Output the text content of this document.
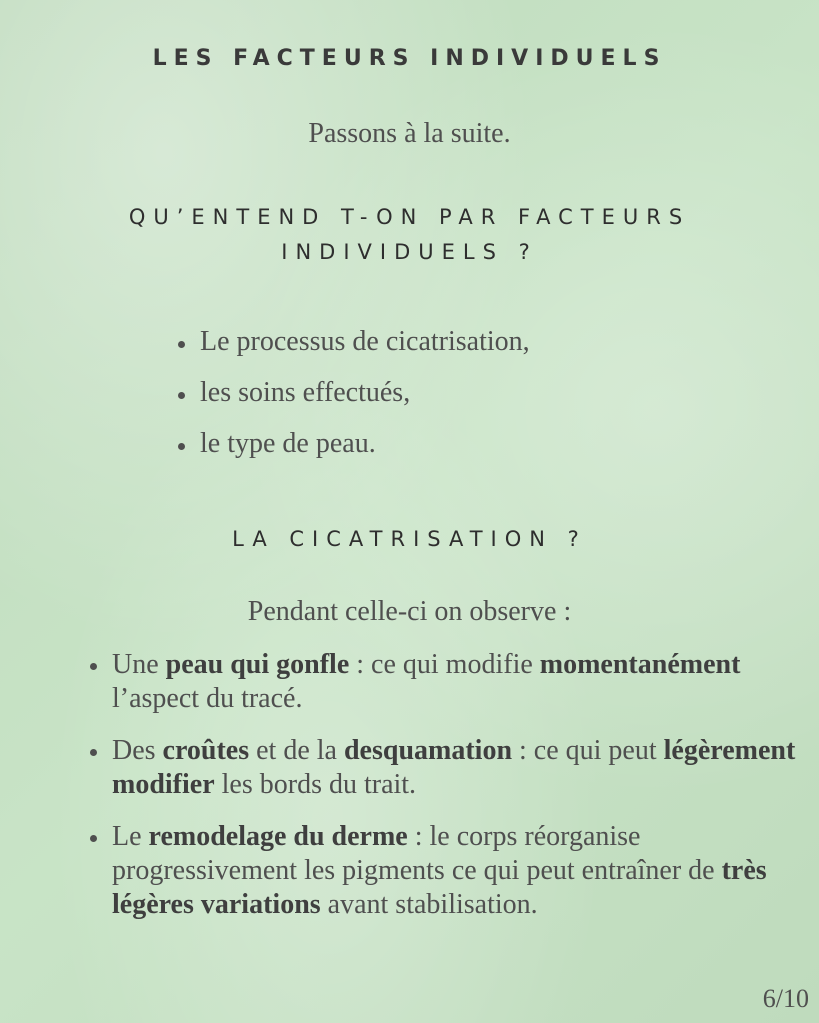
LES FACTEURS INDIVIDUELS
Passons à la suite.
QU’ENTEND T-ON PAR FACTEURS
INDIVIDUELS ?
Le processus de cicatrisation,
les soins effectués,
le type de peau.
LA CICATRISATION ?
Pendant celle-ci on observe :
Une peau qui gonfle : ce qui modifie momentanément l’aspect du tracé.
Des croûtes et de la desquamation : ce qui peut légèrement modifier les bords du trait.
Le remodelage du derme : le corps réorganise progressivement les pigments ce qui peut entraîner de très légères variations avant stabilisation.
6/10
